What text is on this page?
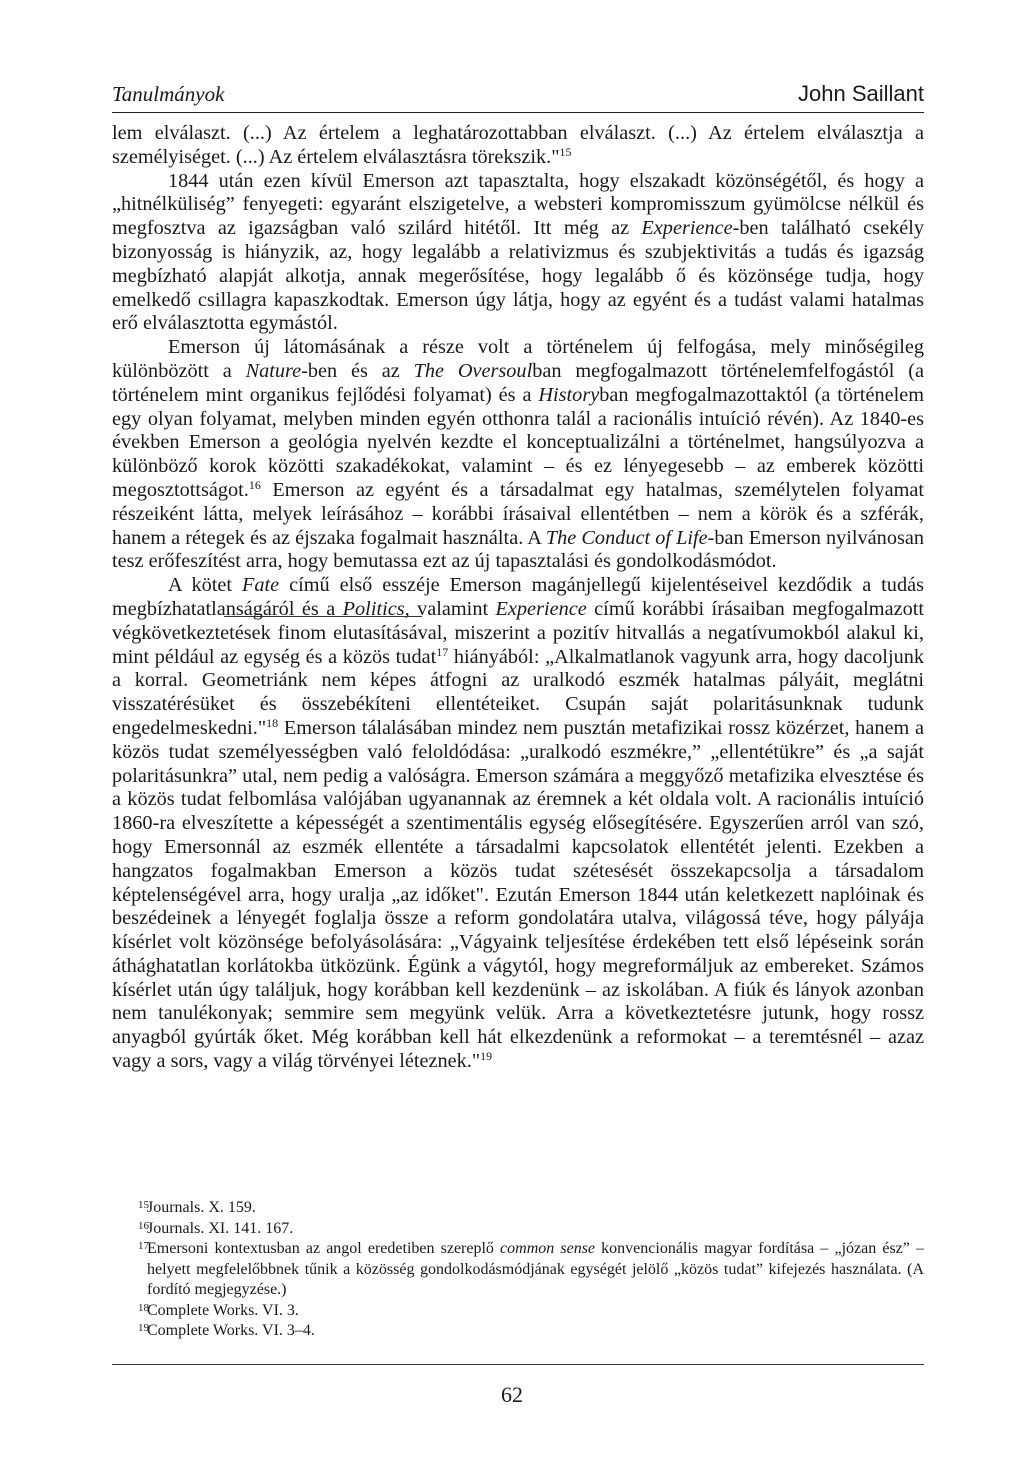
Tanulmányok	John Saillant

lem elválaszt. (...) Az értelem a leghatározottabban elválaszt. (...) Az értelem elválasztja a személyiséget. (...) Az értelem elválasztásra törekszik."$^{15}$

1844 után ezen kívül Emerson azt tapasztalta, hogy elszakadt közönségétől, és hogy a „hitnélküliség” fenyegeti: egyaránt elszigetelve, a websteri kompromisszum gyümölcse nélkül és megfosztva az igazságban való szilárd hitétől. Itt még az Experience-ben található csekély bizonyosság is hiányzik, az, hogy legalább a relativizmus és szubjektivitás a tudás és igazság megbízható alapját alkotja, annak megerősítése, hogy legalább ő és közönsége tudja, hogy emelkedő csillagra kapaszkodtak. Emerson úgy látja, hogy az egyént és a tudást valami hatalmas erő elválasztotta egymástól.

Emerson új látomásának a része volt a történelem új felfogása, mely minőségileg különbözött a Nature-ben és az The Oversoulban megfogalmazott történelemfelfogástól (a történelem mint organikus fejlődési folyamat) és a Historyban megfogalmazottaktól (a történelem egy olyan folyamat, melyben minden egyén otthonra talál a racionális intuíció révén). Az 1840-es években Emerson a geológia nyelvén kezdte el konceptualizálni a történelmet, hangsúlyozva a különböző korok közötti szakadékokat, valamint – és ez lényegesebb – az emberek közötti megosztottságot.$^{16}$ Emerson az egyént és a társadalmat egy hatalmas, személytelen folyamat részeiként látta, melyek leírásához – korábbi írásaival ellentétben – nem a körök és a szférák, hanem a rétegek és az éjszaka fogalmait használta. A The Conduct of Life-ban Emerson nyilvánosan tesz erőfeszítést arra, hogy bemutassa ezt az új tapasztalási és gondolkodásmódot.

A kötet Fate című első esszéje Emerson magánjellegű kijelentéseivel kezdődik a tudás megbízhatatlanságáról és a Politics, valamint Experience című korábbi írásaiban megfogalmazott végkövetkeztetések finom elutasításával, miszerint a pozitív hitvallás a negatívumokból alakul ki, mint például az egység és a közös tudat$^{17}$ hiányából: „Alkalmatlanok vagyunk arra, hogy dacoljunk a korral. Geometriánk nem képes átfogni az uralkodó eszmék hatalmas pályáit, meglátni visszatérésüket és összebékíteni ellentéteiket. Csupán saját polaritásunknak tudunk engedelmeskedni."$^{18}$ Emerson tálalásában mindez nem pusztán metafizikai rossz közérzet, hanem a közös tudat személyességben való feloldódása: „uralkodó eszmékre,” „ellentétükre” és „a saját polaritásunkra” utal, nem pedig a valóságra. Emerson számára a meggyőző metafizika elvesztése és a közös tudat felbomlása valójában ugyanannak az éremnek a két oldala volt. A racionális intuíció 1860-ra elveszítette a képességét a szentimentális egység elősegítésére. Egyszerűen arról van szó, hogy Emersonnál az eszmék ellentéte a társadalmi kapcsolatok ellentétét jelenti. Ezekben a hangzatos fogalmakban Emerson a közös tudat szétesését összekapcsolja a társadalom képtelenségével arra, hogy uralja „az időket". Ezután Emerson 1844 után keletkezett naplóinak és beszédeinek a lényegét foglalja össze a reform gondolatára utalva, világossá téve, hogy pályája kísérlet volt közönsége befolyásolására: „Vágyaink teljesítése érdekében tett első lépéseink során áthághatatlan korlátokba ütközünk. Égünk a vágytól, hogy megreformáljuk az embereket. Számos kísérlet után úgy találjuk, hogy korábban kell kezdenünk – az iskolában. A fiúk és lányok azonban nem tanulékonyak; semmire sem megyünk velük. Arra a következtetésre jutunk, hogy rossz anyagból gyúrták őket. Még korábban kell hát elkezdenünk a reformokat – a teremtésnél – azaz vagy a sors, vagy a világ törvényei léteznek."$^{19}$

15
Journals. X. 159.
16
Journals. XI. 141. 167.
17
Emersoni kontextusban az angol eredetiben szereplő common sense konvencionális magyar fordítása – „józan ész” – helyett megfelelőbbnek tűnik a közösség gondolkodásmódjának egységét jelölő „közös tudat” kifejezés használata. (A fordító megjegyzése.)
18
Complete Works. VI. 3.
19
Complete Works. VI. 3–4.
62
